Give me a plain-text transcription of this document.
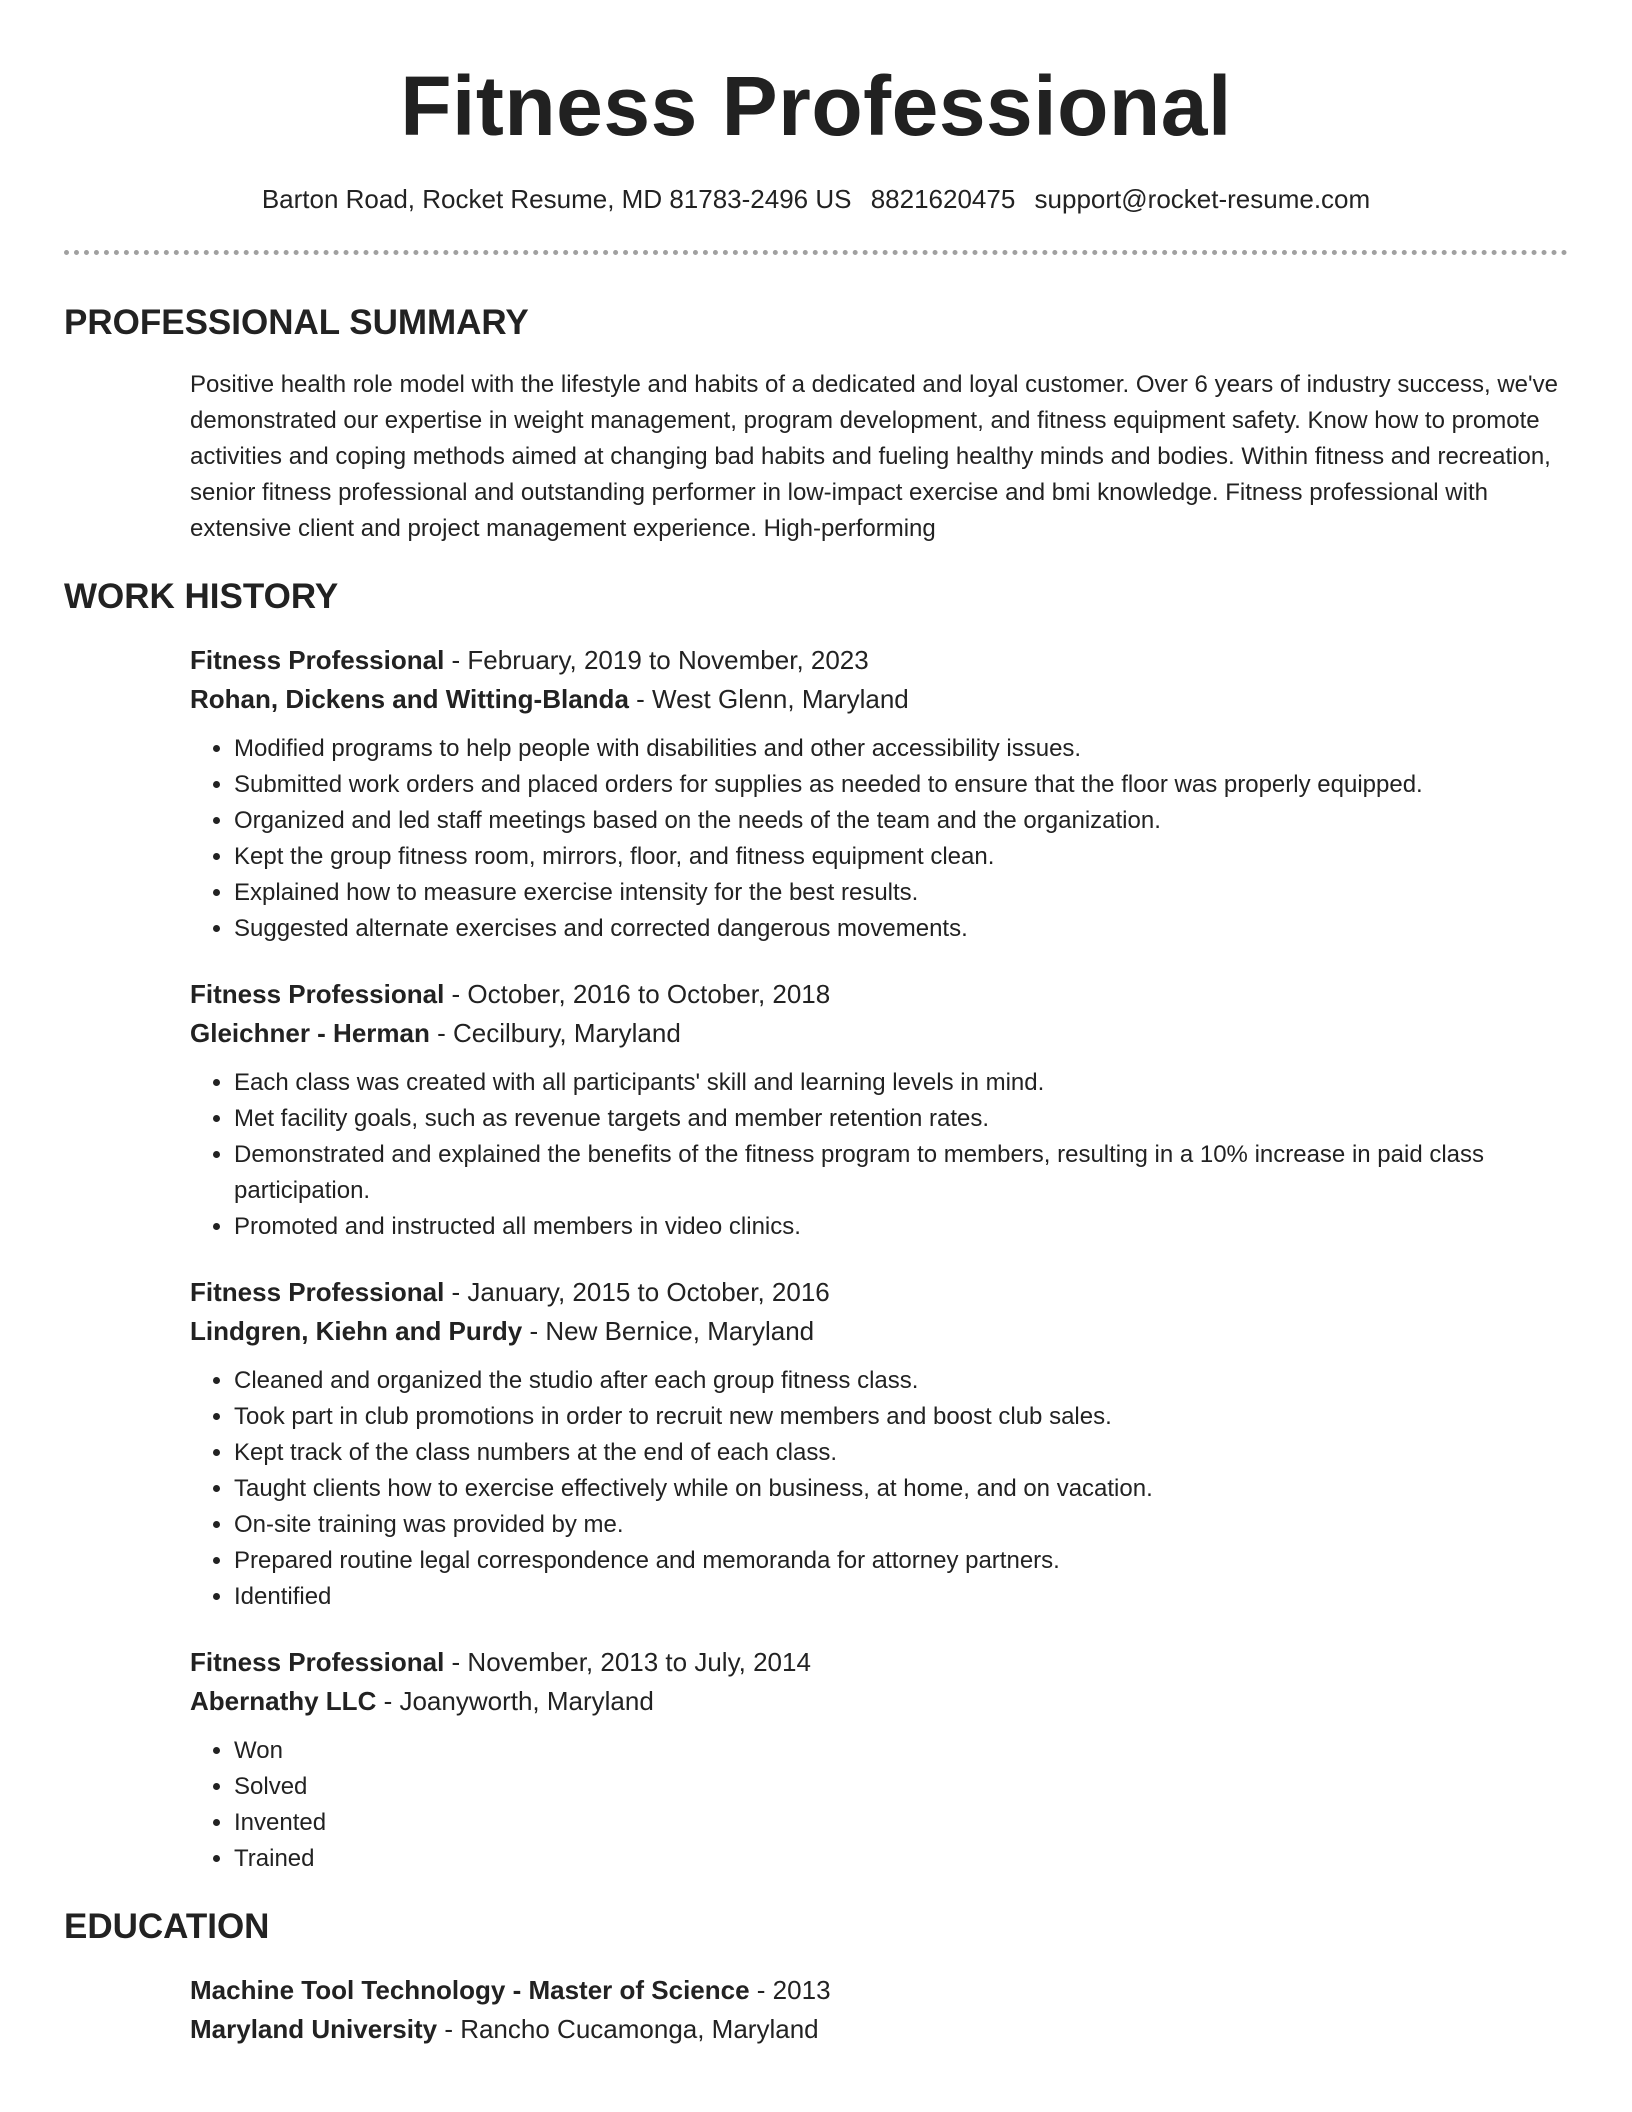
Fitness Professional
Barton Road, Rocket Resume, MD 81783-2496 US 8821620475 support@rocket-resume.com
PROFESSIONAL SUMMARY
Positive health role model with the lifestyle and habits of a dedicated and loyal customer. Over 6 years of industry success, we've demonstrated our expertise in weight management, program development, and fitness equipment safety. Know how to promote activities and coping methods aimed at changing bad habits and fueling healthy minds and bodies. Within fitness and recreation, senior fitness professional and outstanding performer in low-impact exercise and bmi knowledge. Fitness professional with extensive client and project management experience. High-performing
WORK HISTORY
Fitness Professional - February, 2019 to November, 2023
Rohan, Dickens and Witting-Blanda - West Glenn, Maryland
• Modified programs to help people with disabilities and other accessibility issues.
• Submitted work orders and placed orders for supplies as needed to ensure that the floor was properly equipped.
• Organized and led staff meetings based on the needs of the team and the organization.
• Kept the group fitness room, mirrors, floor, and fitness equipment clean.
• Explained how to measure exercise intensity for the best results.
• Suggested alternate exercises and corrected dangerous movements.
Fitness Professional - October, 2016 to October, 2018
Gleichner - Herman - Cecilbury, Maryland
• Each class was created with all participants' skill and learning levels in mind.
• Met facility goals, such as revenue targets and member retention rates.
• Demonstrated and explained the benefits of the fitness program to members, resulting in a 10% increase in paid class participation.
• Promoted and instructed all members in video clinics.
Fitness Professional - January, 2015 to October, 2016
Lindgren, Kiehn and Purdy - New Bernice, Maryland
• Cleaned and organized the studio after each group fitness class.
• Took part in club promotions in order to recruit new members and boost club sales.
• Kept track of the class numbers at the end of each class.
• Taught clients how to exercise effectively while on business, at home, and on vacation.
• On-site training was provided by me.
• Prepared routine legal correspondence and memoranda for attorney partners.
• Identified
Fitness Professional - November, 2013 to July, 2014
Abernathy LLC - Joanyworth, Maryland
• Won
• Solved
• Invented
• Trained
EDUCATION
Machine Tool Technology - Master of Science - 2013
Maryland University - Rancho Cucamonga, Maryland
